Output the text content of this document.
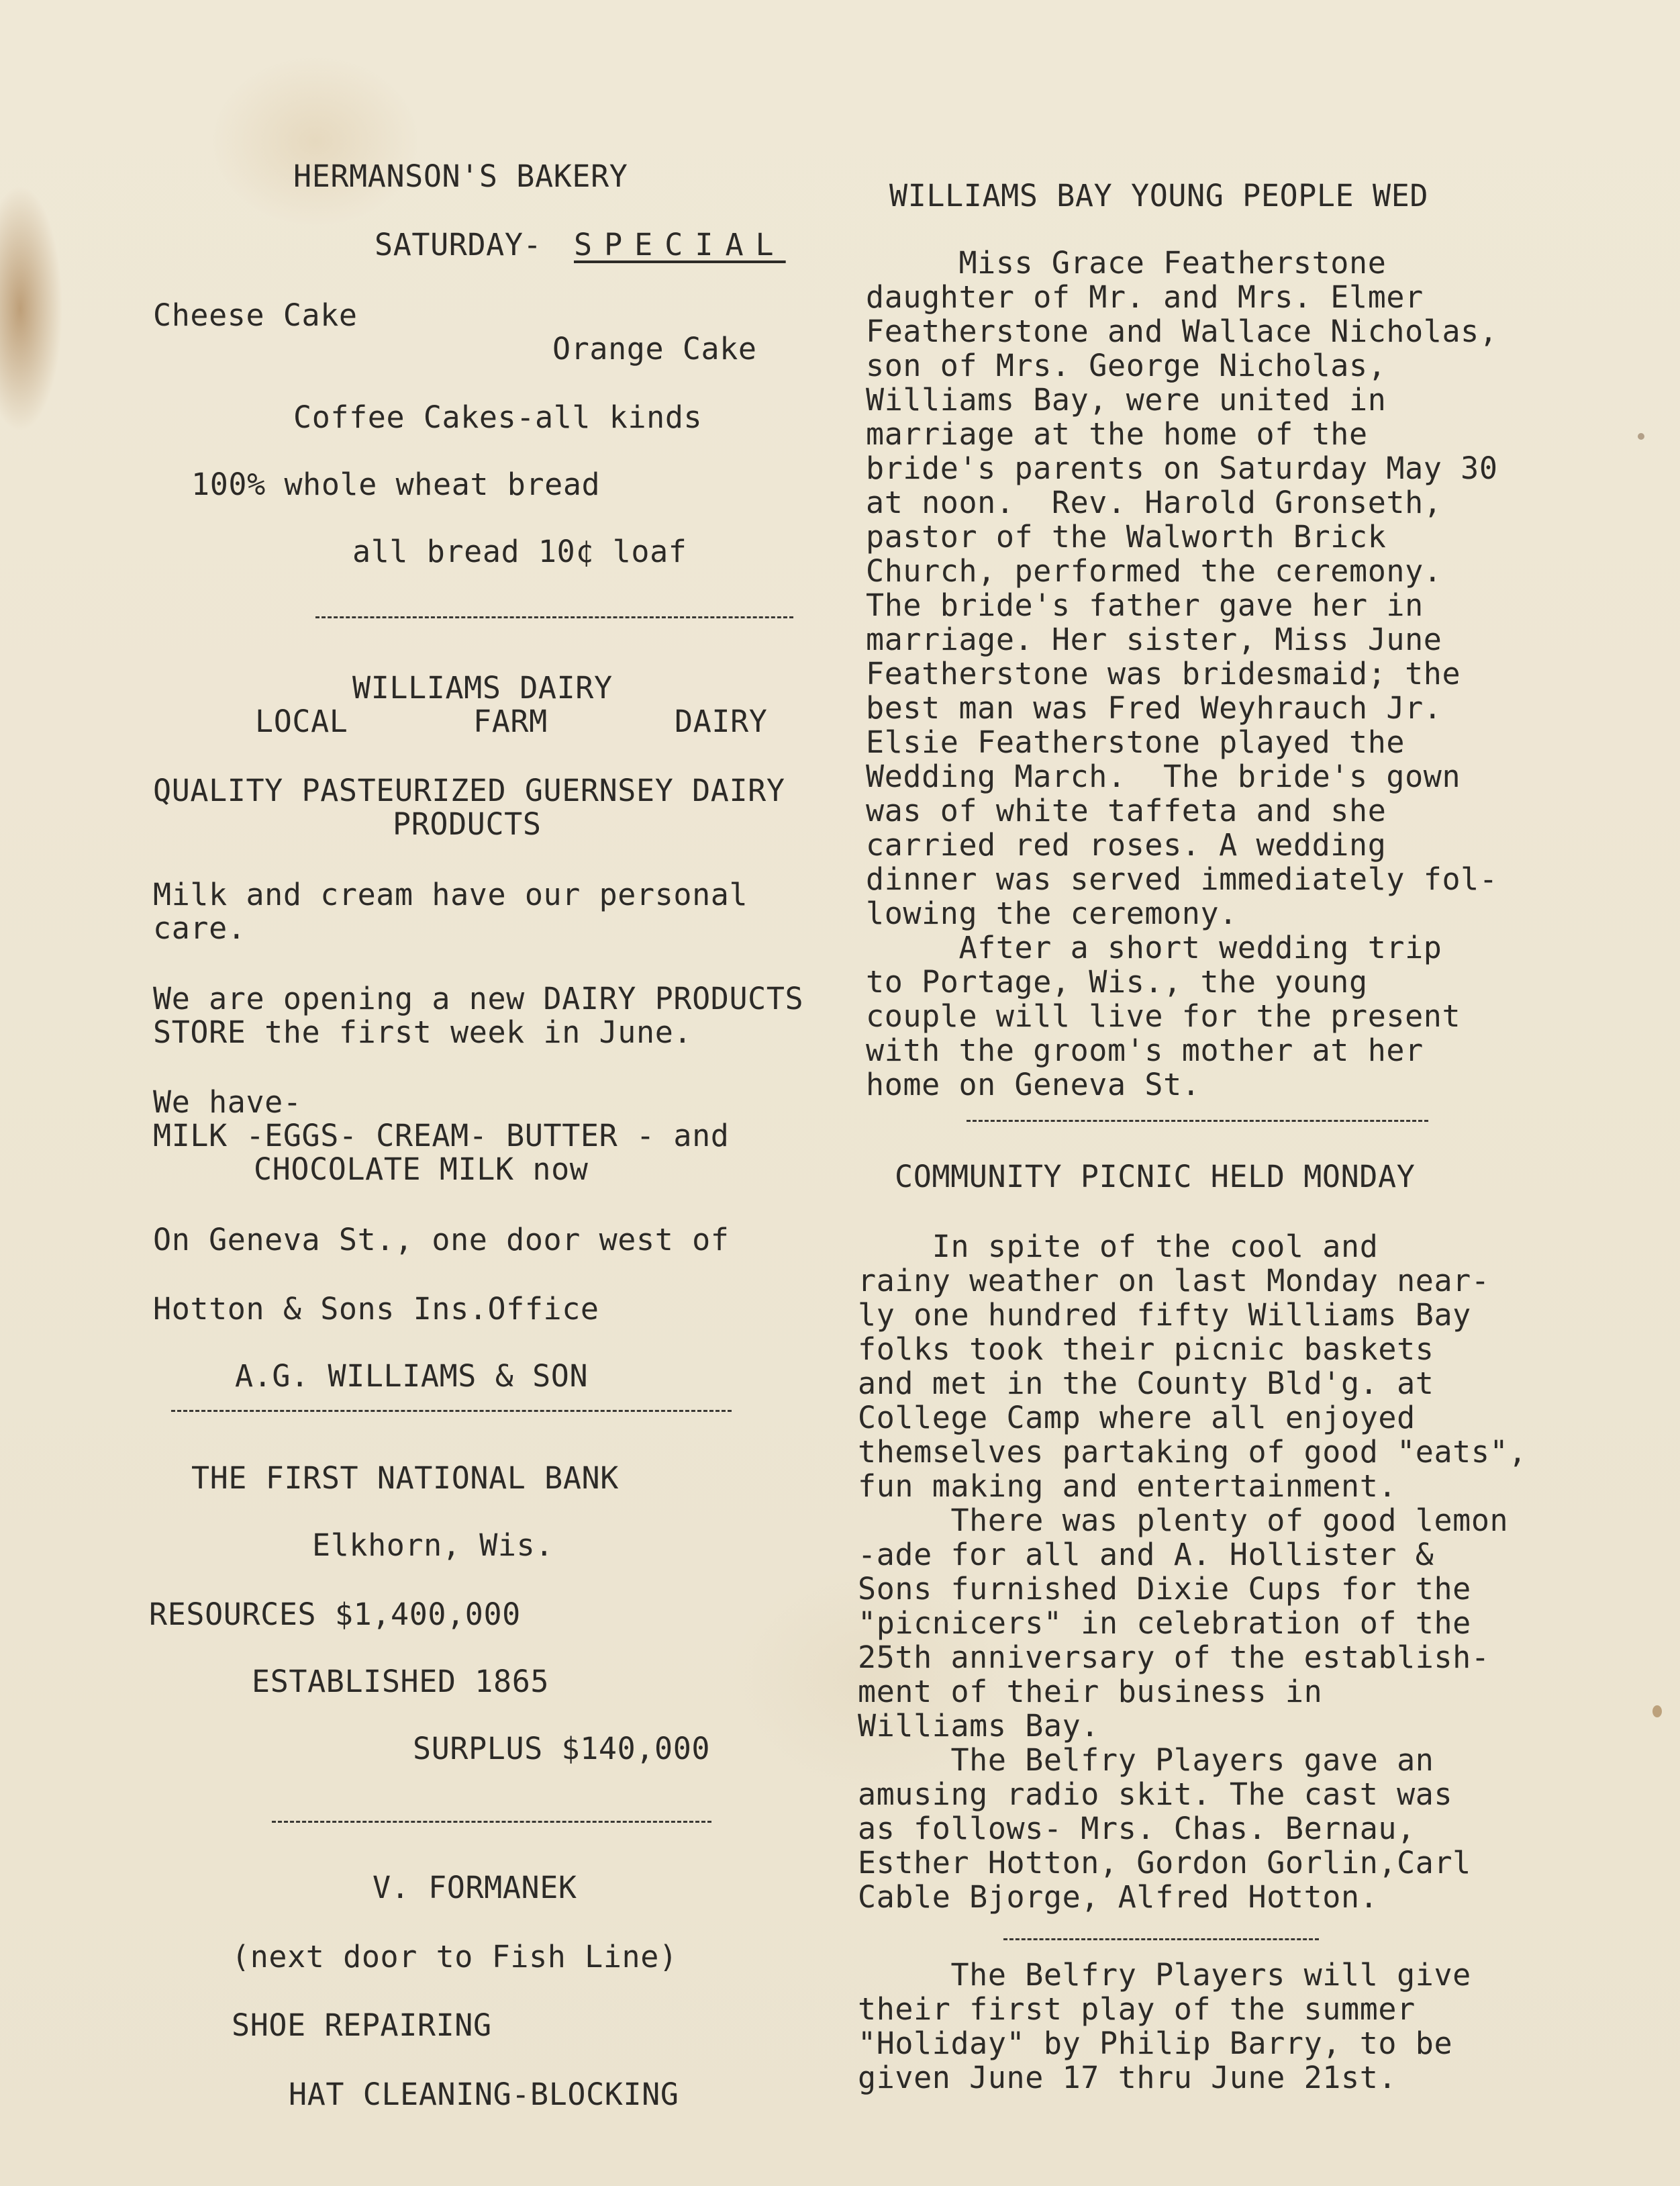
HERMANSON'S BAKERY
SATURDAY- SPECIAL
Cheese Cake
Orange Cake
Coffee Cakes-all kinds
100% whole wheat bread
all bread 10¢ loaf
WILLIAMS DAIRY
LOCAL	FARM	DAIRY
QUALITY PASTEURIZED GUERNSEY DAIRY
PRODUCTS
Milk and cream have our personal
care.
We are opening a new DAIRY PRODUCTS
STORE the first week in June.
We have-
MILK -EGGS- CREAM- BUTTER - and
CHOCOLATE MILK now
On Geneva St., one door west of
Hotton & Sons Ins.Office
A.G. WILLIAMS & SON
THE FIRST NATIONAL BANK
Elkhorn, Wis.
RESOURCES $1,400,000
ESTABLISHED 1865
SURPLUS $140,000
V. FORMANEK
(next door to Fish Line)
SHOE REPAIRING
HAT CLEANING-BLOCKING
WILLIAMS BAY YOUNG PEOPLE WED
Miss Grace Featherstone
daughter of Mr. and Mrs. Elmer
Featherstone and Wallace Nicholas,
son of Mrs. George Nicholas,
Williams Bay, were united in
marriage at the home of the
bride's parents on Saturday May 30
at noon.  Rev. Harold Gronseth,
pastor of the Walworth Brick
Church, performed the ceremony.
The bride's father gave her in
marriage. Her sister, Miss June
Featherstone was bridesmaid; the
best man was Fred Weyhrauch Jr.
Elsie Featherstone played the
Wedding March.  The bride's gown
was of white taffeta and she
carried red roses. A wedding
dinner was served immediately fol-
lowing the ceremony.
After a short wedding trip
to Portage, Wis., the young
couple will live for the present
with the groom's mother at her
home on Geneva St.
COMMUNITY PICNIC HELD MONDAY
In spite of the cool and
rainy weather on last Monday near-
ly one hundred fifty Williams Bay
folks took their picnic baskets
and met in the County Bld'g. at
College Camp where all enjoyed
themselves partaking of good "eats",
fun making and entertainment.
There was plenty of good lemon
-ade for all and A. Hollister &
Sons furnished Dixie Cups for the
"picnicers" in celebration of the
25th anniversary of the establish-
ment of their business in
Williams Bay.
The Belfry Players gave an
amusing radio skit. The cast was
as follows- Mrs. Chas. Bernau,
Esther Hotton, Gordon Gorlin,Carl
Cable Bjorge, Alfred Hotton.
The Belfry Players will give
their first play of the summer
"Holiday" by Philip Barry, to be
given June 17 thru June 21st.
